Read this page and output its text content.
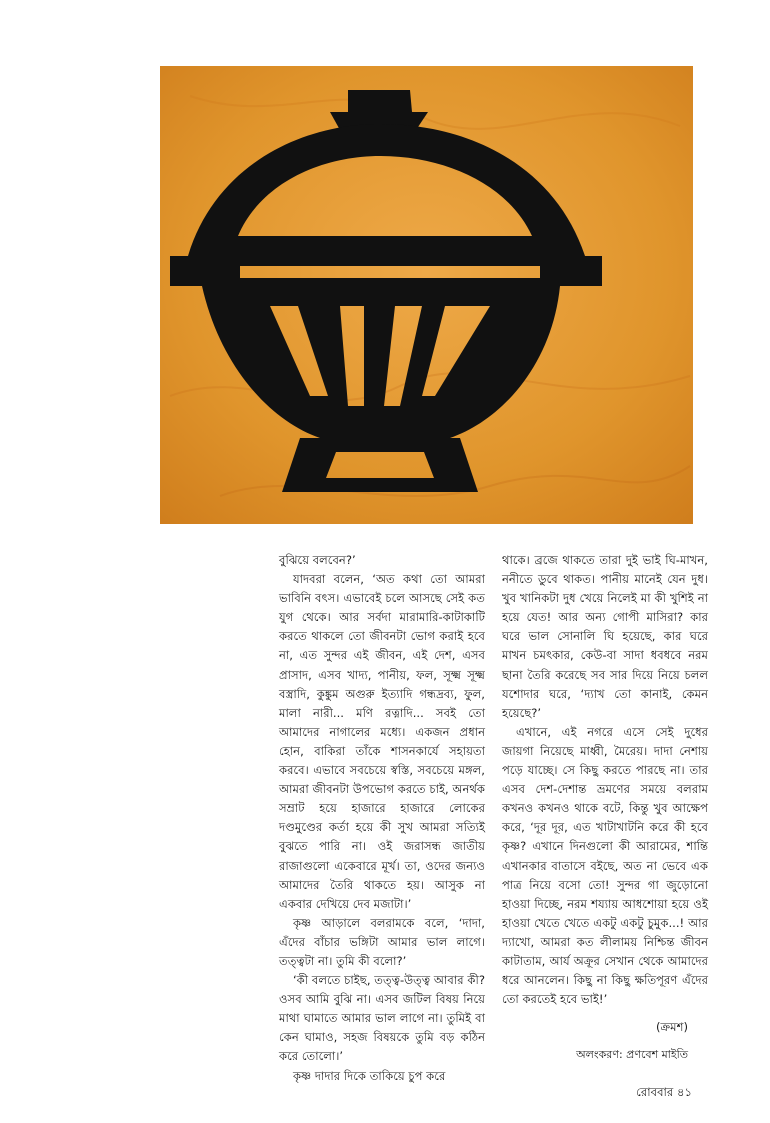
বুঝিয়ে বলবেন?’

যাদবরা বলেন, ‘অত কথা তো আমরা ভাবিনি বৎস। এভাবেই চলে আসছে সেই কত যুগ থেকে। আর সর্বদা মারামারি-কাটাকাটি করতে থাকলে তো জীবনটা ভোগ করাই হবে না, এত সুন্দর এই জীবন, এই দেশ, এসব প্রাসাদ, এসব খাদ্য, পানীয়, ফল, সূক্ষ্ম সূক্ষ্ম বস্ত্রাদি, কুঙ্কুম অগুরু ইত্যাদি গন্ধদ্রব্য, ফুল, মালা নারী... মণি রত্নাদি... সবই তো আমাদের নাগালের মধ্যে। একজন প্রধান হোন, বাকিরা তাঁকে শাসনকার্যে সহায়তা করবে। এভাবে সবচেয়ে স্বস্তি, সবচেয়ে মঙ্গল, আমরা জীবনটা উপভোগ করতে চাই, অনর্থক সম্রাট হয়ে হাজারে হাজারে লোকের দণ্ডমুণ্ডের কর্তা হয়ে কী সুখ আমরা সত্যিই বুঝতে পারি না। ওই জরাসন্ধ জাতীয় রাজাগুলো একেবারে মূর্খ। তা, ওদের জন্যও আমাদের তৈরি থাকতে হয়। আসুক না একবার দেখিয়ে দেব মজাটা।’

কৃষ্ণ আড়ালে বলরামকে বলে, ‘দাদা, এঁদের বাঁচার ভঙ্গিটা আমার ভাল লাগে। তত্ত্বটা না। তুমি কী বলো?’

‘কী বলতে চাইছ, তত্ত্ব-উত্ত্ব আবার কী? ওসব আমি বুঝি না। এসব জটিল বিষয় নিয়ে মাথা ঘামাতে আমার ভাল লাগে না। তুমিই বা কেন ঘামাও, সহজ বিষয়কে তুমি বড় কঠিন করে তোলো।’

কৃষ্ণ দাদার দিকে তাকিয়ে চুপ করে

থাকে। ব্রজে থাকতে তারা দুই ভাই ঘি-মাখন, ননীতে ডুবে থাকত। পানীয় মানেই যেন দুধ। খুব খানিকটা দুধ খেয়ে নিলেই মা কী খুশিই না হয়ে যেত! আর অন্য গোপী মাসিরা? কার ঘরে ভাল সোনালি ঘি হয়েছে, কার ঘরে মাখন চমৎকার, কেউ-বা সাদা ধবধবে নরম ছানা তৈরি করেছে সব সার দিয়ে নিয়ে চলল যশোদার ঘরে, ‘দ্যাখ তো কানাই, কেমন হয়েছে?’

এখানে, এই নগরে এসে সেই দুধের জায়গা নিয়েছে মাধ্বী, মৈরেয়। দাদা নেশায় পড়ে যাচ্ছে। সে কিছু করতে পারছে না। তার এসব দেশ-দেশান্ত ভ্রমণের সময়ে বলরাম কখনও কখনও থাকে বটে, কিন্তু খুব আক্ষেপ করে, ‘দূর দূর, এত খাটাখাটনি করে কী হবে কৃষ্ণ? এখানে দিনগুলো কী আরামের, শান্তি এখানকার বাতাসে বইছে, অত না ভেবে এক পাত্র নিয়ে বসো তো! সুন্দর গা জুড়োনো হাওয়া দিচ্ছে, নরম শয্যায় আধশোয়া হয়ে ওই হাওয়া খেতে খেতে একটু একটু চুমুক...! আর দ্যাখো, আমরা কত লীলাময় নিশ্চিন্ত জীবন কাটাতাম, আর্য অক্রূর সেখান থেকে আমাদের ধরে আনলেন। কিছু না কিছু ক্ষতিপূরণ এঁদের তো করতেই হবে ভাই!’

(ক্রমশ)
অলংকরণ: প্রণবেশ মাইতি
রোববার ৪১
